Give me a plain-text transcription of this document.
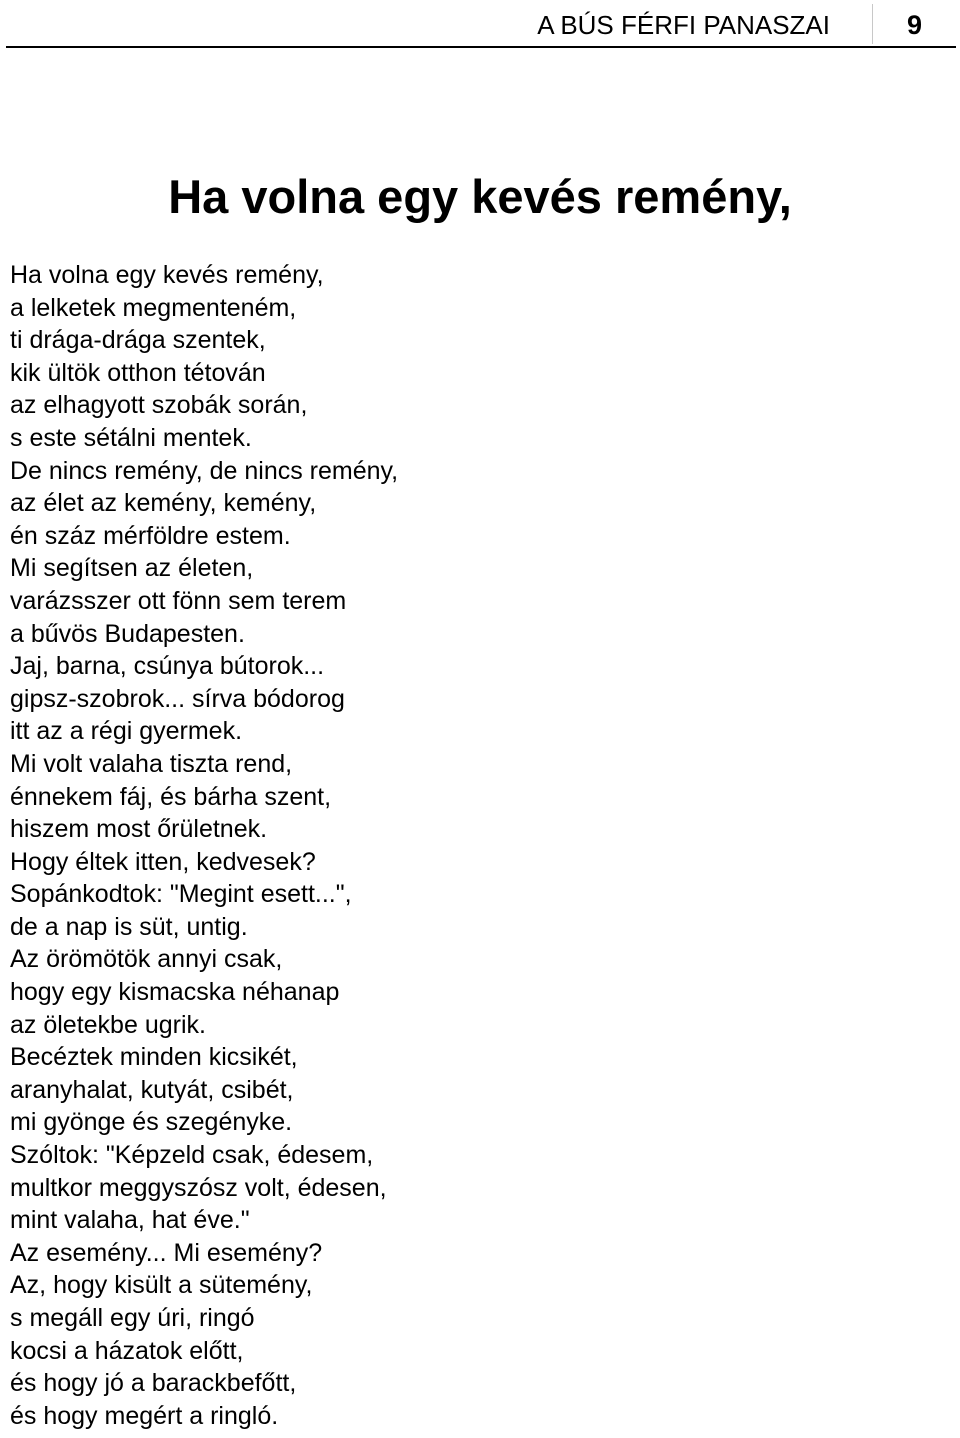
A BÚS FÉRFI PANASZAI	9
Ha volna egy kevés remény,
Ha volna egy kevés remény,
a lelketek megmenteném,
ti drága-drága szentek,
kik ültök otthon tétován
az elhagyott szobák során,
s este sétálni mentek.
De nincs remény, de nincs remény,
az élet az kemény, kemény,
én száz mérföldre estem.
Mi segítsen az életen,
varázsszer ott fönn sem terem
a bűvös Budapesten.
Jaj, barna, csúnya bútorok...
gipsz-szobrok... sírva bódorog
itt az a régi gyermek.
Mi volt valaha tiszta rend,
énnekem fáj, és bárha szent,
hiszem most őrületnek.
Hogy éltek itten, kedvesek?
Sopánkodtok: "Megint esett...",
de a nap is süt, untig.
Az örömötök annyi csak,
hogy egy kismacska néhanap
az öletekbe ugrik.
Becéztek minden kicsikét,
aranyhalat, kutyát, csibét,
mi gyönge és szegényke.
Szóltok: "Képzeld csak, édesem,
multkor meggyszósz volt, édesen,
mint valaha, hat éve."
Az esemény... Mi esemény?
Az, hogy kisült a sütemény,
s megáll egy úri, ringó
kocsi a házatok előtt,
és hogy jó a barackbefőtt,
és hogy megért a ringló.
